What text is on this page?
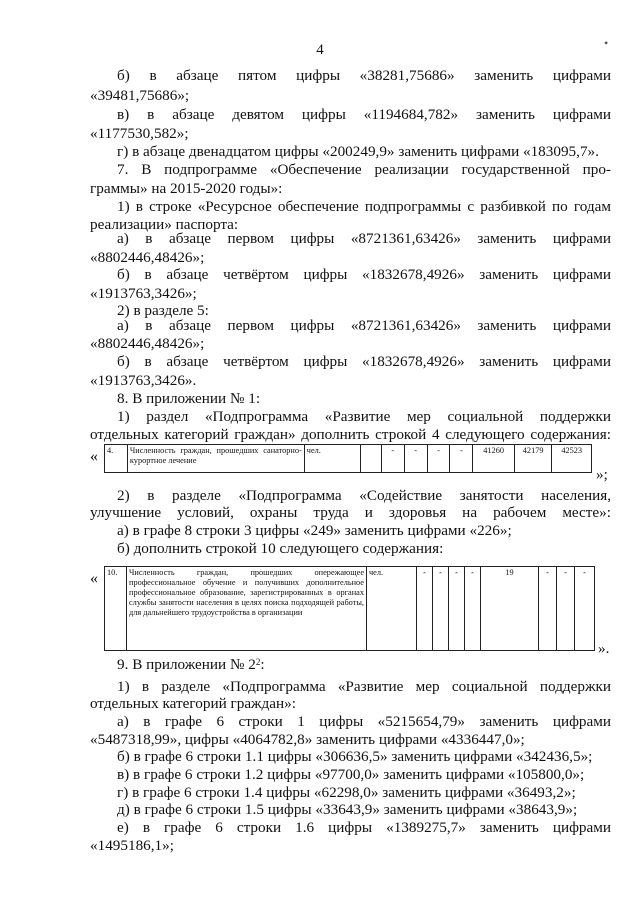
4	•
б) в абзаце пятом цифры «38281,75686» заменить цифрами
«39481,75686»;
в) в абзаце девятом цифры «1194684,782» заменить цифрами
«1177530,582»;
г) в абзаце двенадцатом цифры «200249,9» заменить цифрами «183095,7».
7. В подпрограмме «Обеспечение реализации государственной про-
граммы» на 2015-2020 годы»:
1) в строке «Ресурсное обеспечение подпрограммы с разбивкой по годам
реализации» паспорта:
а) в абзаце первом цифры «8721361,63426» заменить цифрами
«8802446,48426»;
б) в абзаце четвёртом цифры «1832678,4926» заменить цифрами
«1913763,3426»;
2) в разделе 5:
а) в абзаце первом цифры «8721361,63426» заменить цифрами
«8802446,48426»;
б) в абзаце четвёртом цифры «1832678,4926» заменить цифрами
«1913763,3426».
8. В приложении № 1:
1) раздел «Подпрограмма «Развитие мер социальной поддержки
отдельных категорий граждан» дополнить строкой 4 следующего содержания:
« 4.	Численность граждан, прошедших санаторно-курортное лечение	чел.		-	-	-	-	41260	42179	42523
»;
2) в разделе «Подпрограмма «Содействие занятости населения,
улучшение условий, охраны труда и здоровья на рабочем месте»:
а) в графе 8 строки 3 цифры «249» заменить цифрами «226»;
б) дополнить строкой 10 следующего содержания:
« 10.	Численность граждан, прошедших опережающее профессиональное обучение и получивших дополнительное профессиональное образование, зарегистрированных в органах службы занятости населения в целях поиска подходящей работы, для дальнейшего трудоустройства в организации	чел.	-	-	-	-	19	-	-	-
».
9. В приложении № $2^2$:
1) в разделе «Подпрограмма «Развитие мер социальной поддержки
отдельных категорий граждан»:
а) в графе 6 строки 1 цифры «5215654,79» заменить цифрами
«5487318,99», цифры «4064782,8» заменить цифрами «4336447,0»;
б) в графе 6 строки 1.1 цифры «306636,5» заменить цифрами «342436,5»;
в) в графе 6 строки 1.2 цифры «97700,0» заменить цифрами «105800,0»;
г) в графе 6 строки 1.4 цифры «62298,0» заменить цифрами «36493,2»;
д) в графе 6 строки 1.5 цифры «33643,9» заменить цифрами «38643,9»;
е) в графе 6 строки 1.6 цифры «1389275,7» заменить цифрами
«1495186,1»;
